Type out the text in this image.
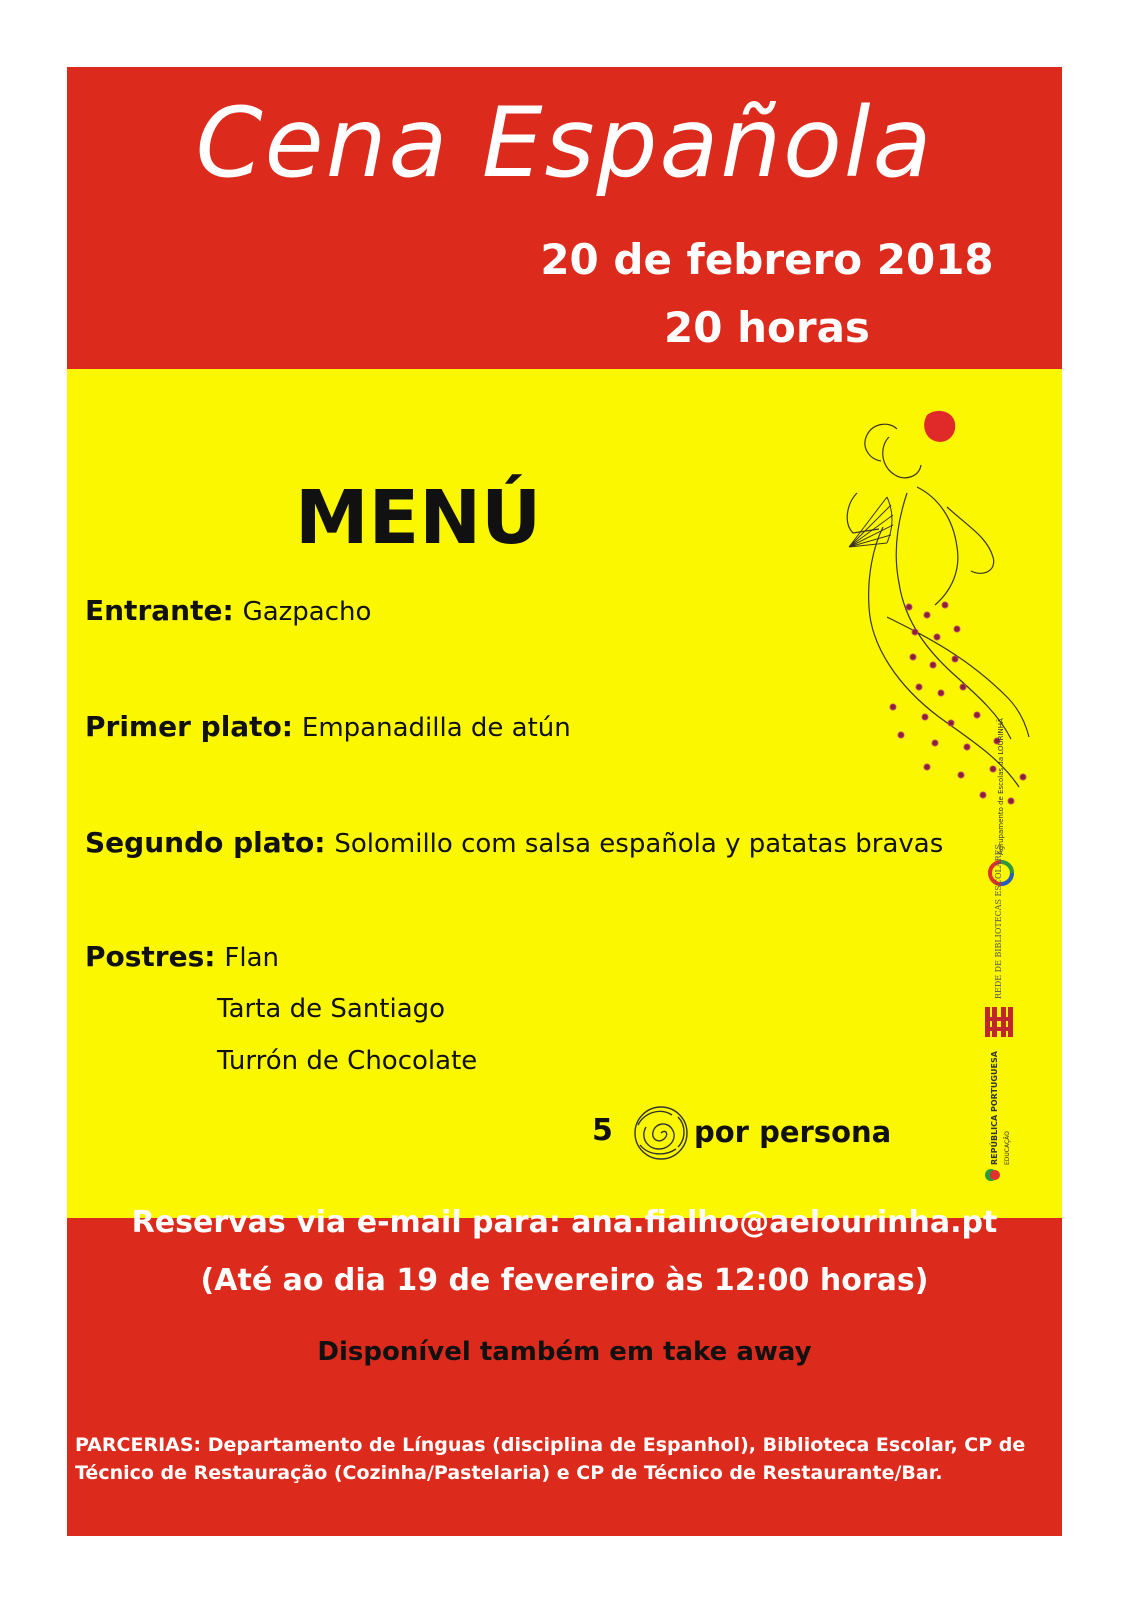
Cena Española
20 de febrero 2018
20 horas
MENÚ
Entrante: Gazpacho
Primer plato: Empanadilla de atún
Segundo plato: Solomillo com salsa española y patatas bravas
Postres: Flan
Tarta de Santiago
Turrón de Chocolate
5	por persona
Agrupamento de Escolas da LOURINHÃ
REDE DE BIBLIOTECAS ESCOLARES
REPÚBLICA PORTUGUESA EDUCAÇÃO
Reservas via e-mail para: ana.fialho@aelourinha.pt
(Até ao dia 19 de fevereiro às 12:00 horas)
Disponível também em take away
PARCERIAS: Departamento de Línguas (disciplina de Espanhol), Biblioteca Escolar, CP de Técnico de Restauração (Cozinha/Pastelaria) e CP de Técnico de Restaurante/Bar.
